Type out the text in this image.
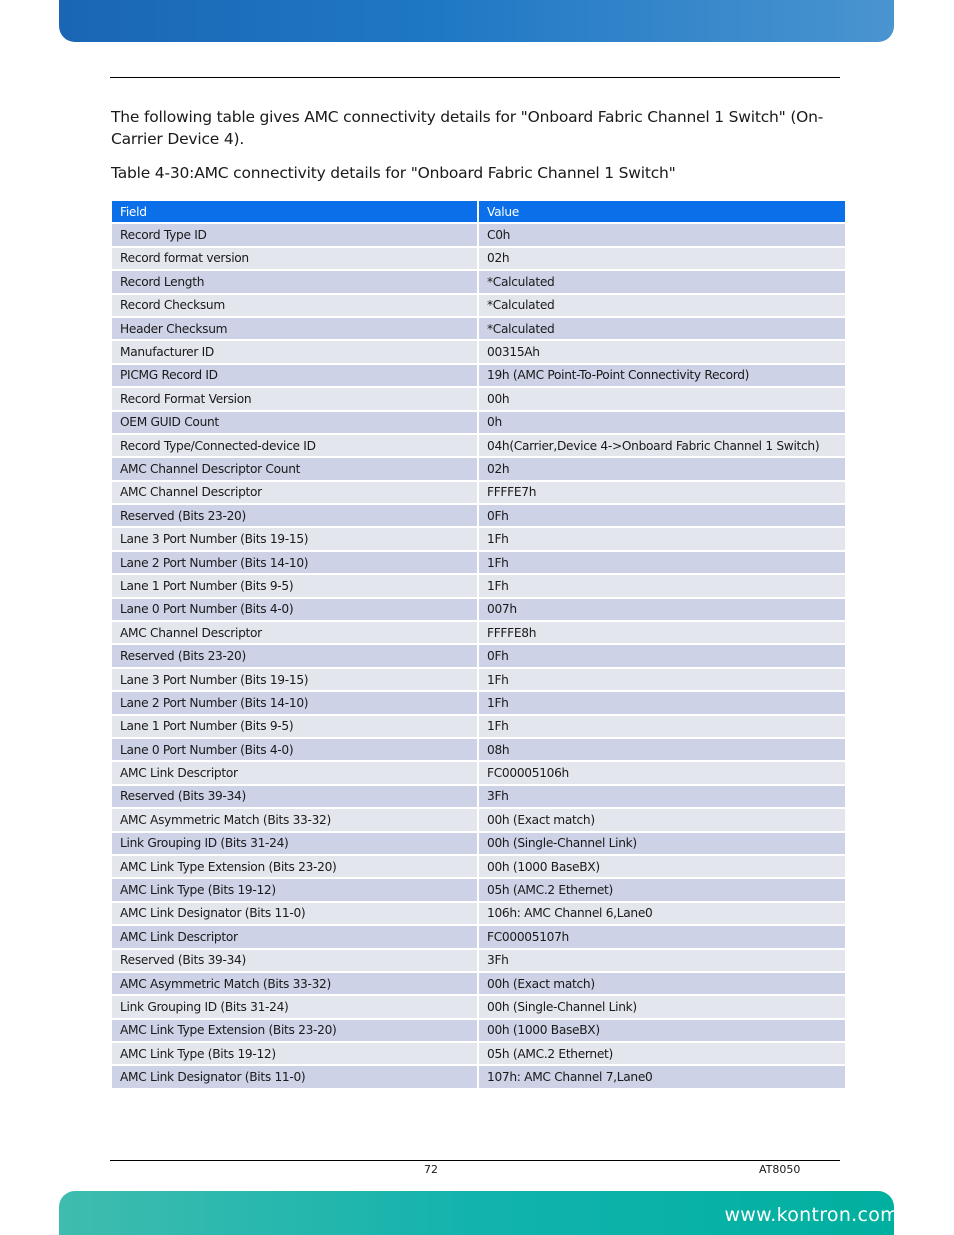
The following table gives AMC connectivity details for "Onboard Fabric Channel 1 Switch" (On-Carrier Device 4).

Table 4-30:AMC connectivity details for "Onboard Fabric Channel 1 Switch"

Field	Value
Record Type ID	C0h
Record format version	02h
Record Length	*Calculated
Record Checksum	*Calculated
Header Checksum	*Calculated
Manufacturer ID	00315Ah
PICMG Record ID	19h (AMC Point-To-Point Connectivity Record)
Record Format Version	00h
OEM GUID Count	0h
Record Type/Connected-device ID	04h(Carrier,Device 4->Onboard Fabric Channel 1 Switch)
AMC Channel Descriptor Count	02h
AMC Channel Descriptor	FFFFE7h
Reserved (Bits 23-20)	0Fh
Lane 3 Port Number (Bits 19-15)	1Fh
Lane 2 Port Number (Bits 14-10)	1Fh
Lane 1 Port Number (Bits 9-5)	1Fh
Lane 0 Port Number (Bits 4-0)	007h
AMC Channel Descriptor	FFFFE8h
Reserved (Bits 23-20)	0Fh
Lane 3 Port Number (Bits 19-15)	1Fh
Lane 2 Port Number (Bits 14-10)	1Fh
Lane 1 Port Number (Bits 9-5)	1Fh
Lane 0 Port Number (Bits 4-0)	08h
AMC Link Descriptor	FC00005106h
Reserved (Bits 39-34)	3Fh
AMC Asymmetric Match (Bits 33-32)	00h (Exact match)
Link Grouping ID (Bits 31-24)	00h (Single-Channel Link)
AMC Link Type Extension (Bits 23-20)	00h (1000 BaseBX)
AMC Link Type (Bits 19-12)	05h (AMC.2 Ethernet)
AMC Link Designator (Bits 11-0)	106h: AMC Channel 6,Lane0
AMC Link Descriptor	FC00005107h
Reserved (Bits 39-34)	3Fh
AMC Asymmetric Match (Bits 33-32)	00h (Exact match)
Link Grouping ID (Bits 31-24)	00h (Single-Channel Link)
AMC Link Type Extension (Bits 23-20)	00h (1000 BaseBX)
AMC Link Type (Bits 19-12)	05h (AMC.2 Ethernet)
AMC Link Designator (Bits 11-0)	107h: AMC Channel 7,Lane0
72	AT8050
www.kontron.com
